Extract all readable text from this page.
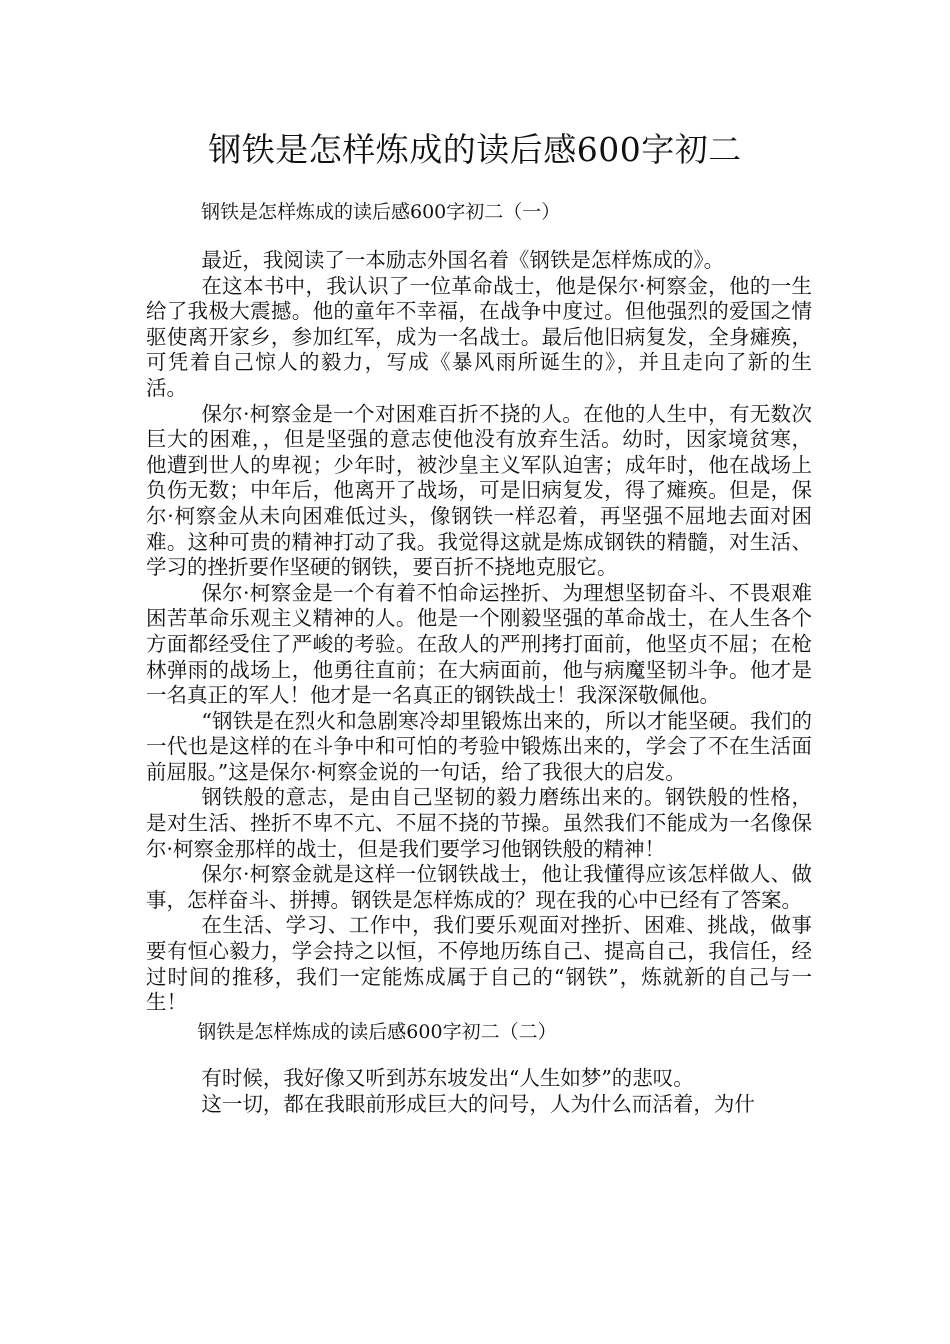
钢铁是怎样炼成的读后感600字初二
钢铁是怎样炼成的读后感600字初二（一）

最近，我阅读了一本励志外国名着《钢铁是怎样炼成的》。

在这本书中，我认识了一位革命战士，他是保尔·柯察金，他的一生给了我极大震撼。他的童年不幸福，在战争中度过。但他强烈的爱国之情驱使离开家乡，参加红军，成为一名战士。最后他旧病复发，全身瘫痪，可凭着自己惊人的毅力，写成《暴风雨所诞生的》，并且走向了新的生活。

保尔·柯察金是一个对困难百折不挠的人。在他的人生中，有无数次巨大的困难，，但是坚强的意志使他没有放弃生活。幼时，因家境贫寒，他遭到世人的卑视；少年时，被沙皇主义军队迫害；成年时，他在战场上负伤无数；中年后，他离开了战场，可是旧病复发，得了瘫痪。但是，保尔·柯察金从未向困难低过头，像钢铁一样忍着，再坚强不屈地去面对困难。这种可贵的精神打动了我。我觉得这就是炼成钢铁的精髓，对生活、学习的挫折要作坚硬的钢铁，要百折不挠地克服它。

保尔·柯察金是一个有着不怕命运挫折、为理想坚韧奋斗、不畏艰难困苦革命乐观主义精神的人。他是一个刚毅坚强的革命战士，在人生各个方面都经受住了严峻的考验。在敌人的严刑拷打面前，他坚贞不屈；在枪林弹雨的战场上，他勇往直前；在大病面前，他与病魔坚韧斗争。他才是一名真正的军人！他才是一名真正的钢铁战士！我深深敬佩他。

“钢铁是在烈火和急剧寒冷却里锻炼出来的，所以才能坚硬。我们的一代也是这样的在斗争中和可怕的考验中锻炼出来的，学会了不在生活面前屈服。”这是保尔·柯察金说的一句话，给了我很大的启发。

钢铁般的意志，是由自己坚韧的毅力磨练出来的。钢铁般的性格，是对生活、挫折不卑不亢、不屈不挠的节操。虽然我们不能成为一名像保尔·柯察金那样的战士，但是我们要学习他钢铁般的精神！

保尔·柯察金就是这样一位钢铁战士，他让我懂得应该怎样做人、做事，怎样奋斗、拼搏。钢铁是怎样炼成的？现在我的心中已经有了答案。

在生活、学习、工作中，我们要乐观面对挫折、困难、挑战，做事要有恒心毅力，学会持之以恒，不停地历练自己、提高自己，我信任，经过时间的推移，我们一定能炼成属于自己的“钢铁”，炼就新的自己与一生！

钢铁是怎样炼成的读后感600字初二（二）

有时候，我好像又听到苏东坡发出“人生如梦”的悲叹。

这一切，都在我眼前形成巨大的问号，人为什么而活着，为什
